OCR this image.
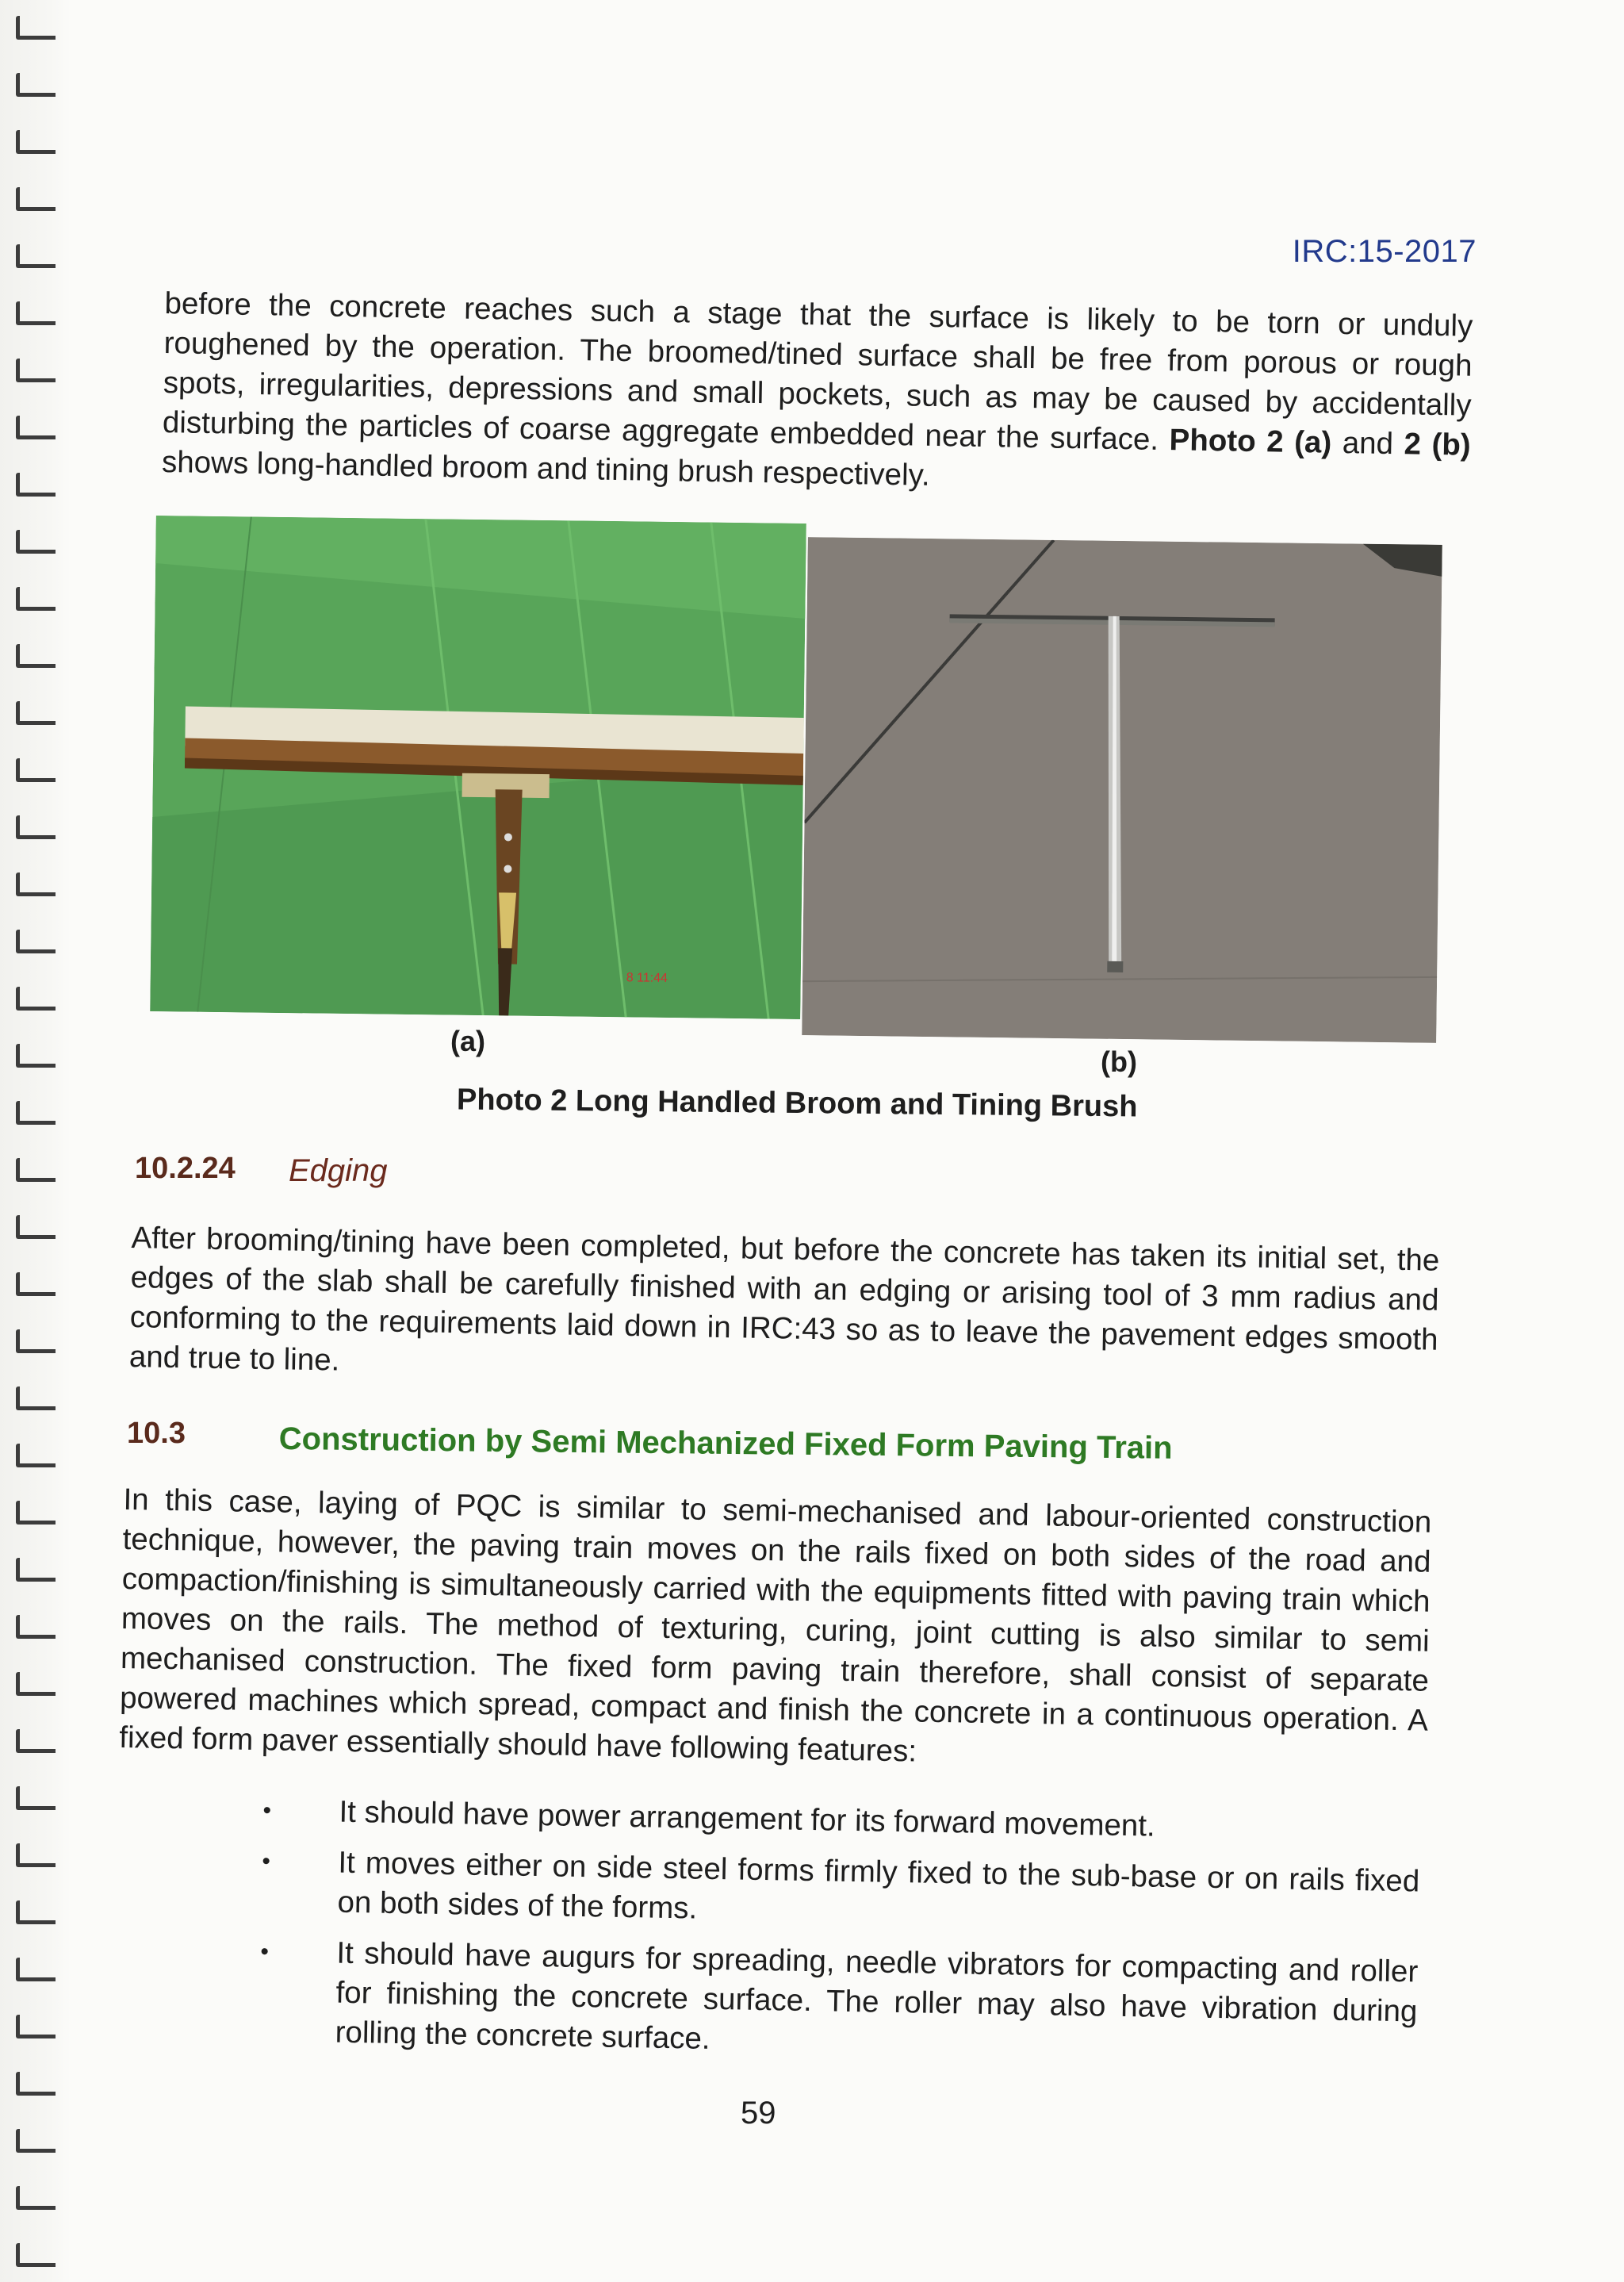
IRC:15-2017

before the concrete reaches such a stage that the surface is likely to be torn or unduly roughened by the operation. The broomed/tined surface shall be free from porous or rough spots, irregularities, depressions and small pockets, such as may be caused by accidentally disturbing the particles of coarse aggregate embedded near the surface. Photo 2 (a) and 2 (b) shows long-handled broom and tining brush respectively.

8 11:44
(a)
(b)
Photo 2 Long Handled Broom and Tining Brush
10.2.24 Edging

After brooming/tining have been completed, but before the concrete has taken its initial set, the edges of the slab shall be carefully finished with an edging or arising tool of 3 mm radius and conforming to the requirements laid down in IRC:43 so as to leave the pavement edges smooth and true to line.

10.3	Construction by Semi Mechanized Fixed Form Paving Train

In this case, laying of PQC is similar to semi-mechanised and labour-oriented construction technique, however, the paving train moves on the rails fixed on both sides of the road and compaction/finishing is simultaneously carried with the equipments fitted with paving train which moves on the rails. The method of texturing, curing, joint cutting is also similar to semi mechanised construction. The fixed form paving train therefore, shall consist of separate powered machines which spread, compact and finish the concrete in a continuous operation. A fixed form paver essentially should have following features:

• It should have power arrangement for its forward movement.
• It moves either on side steel forms firmly fixed to the sub-base or on rails fixed on both sides of the forms.
• It should have augurs for spreading, needle vibrators for compacting and roller for finishing the concrete surface. The roller may also have vibration during rolling the concrete surface.
59
